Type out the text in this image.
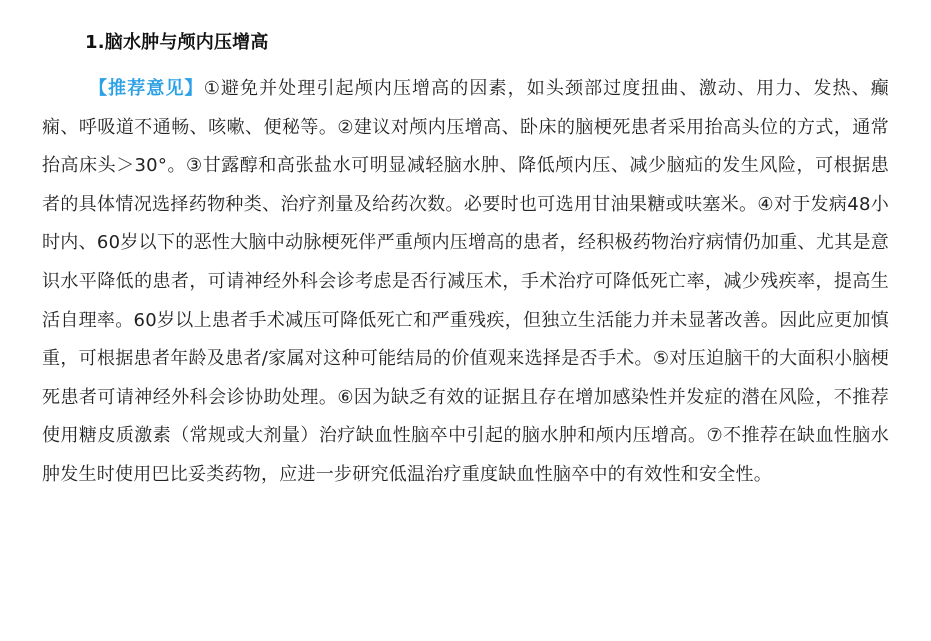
1.脑水肿与颅内压增高

【推荐意见】①避免并处理引起颅内压增高的因素，如头颈部过度扭曲、激动、用力、发热、癫痫、呼吸道不通畅、咳嗽、便秘等。②建议对颅内压增高、卧床的脑梗死患者采用抬高头位的方式，通常抬高床头＞30°。③甘露醇和高张盐水可明显减轻脑水肿、降低颅内压、减少脑疝的发生风险，可根据患者的具体情况选择药物种类、治疗剂量及给药次数。必要时也可选用甘油果糖或呋塞米。④对于发病48小时内、60岁以下的恶性大脑中动脉梗死伴严重颅内压增高的患者，经积极药物治疗病情仍加重、尤其是意识水平降低的患者，可请神经外科会诊考虑是否行减压术，手术治疗可降低死亡率，减少残疾率，提高生活自理率。60岁以上患者手术减压可降低死亡和严重残疾，但独立生活能力并未显著改善。因此应更加慎重，可根据患者年龄及患者/家属对这种可能结局的价值观来选择是否手术。⑤对压迫脑干的大面积小脑梗死患者可请神经外科会诊协助处理。⑥因为缺乏有效的证据且存在增加感染性并发症的潜在风险，不推荐使用糖皮质激素（常规或大剂量）治疗缺血性脑卒中引起的脑水肿和颅内压增高。⑦不推荐在缺血性脑水肿发生时使用巴比妥类药物，应进一步研究低温治疗重度缺血性脑卒中的有效性和安全性。
